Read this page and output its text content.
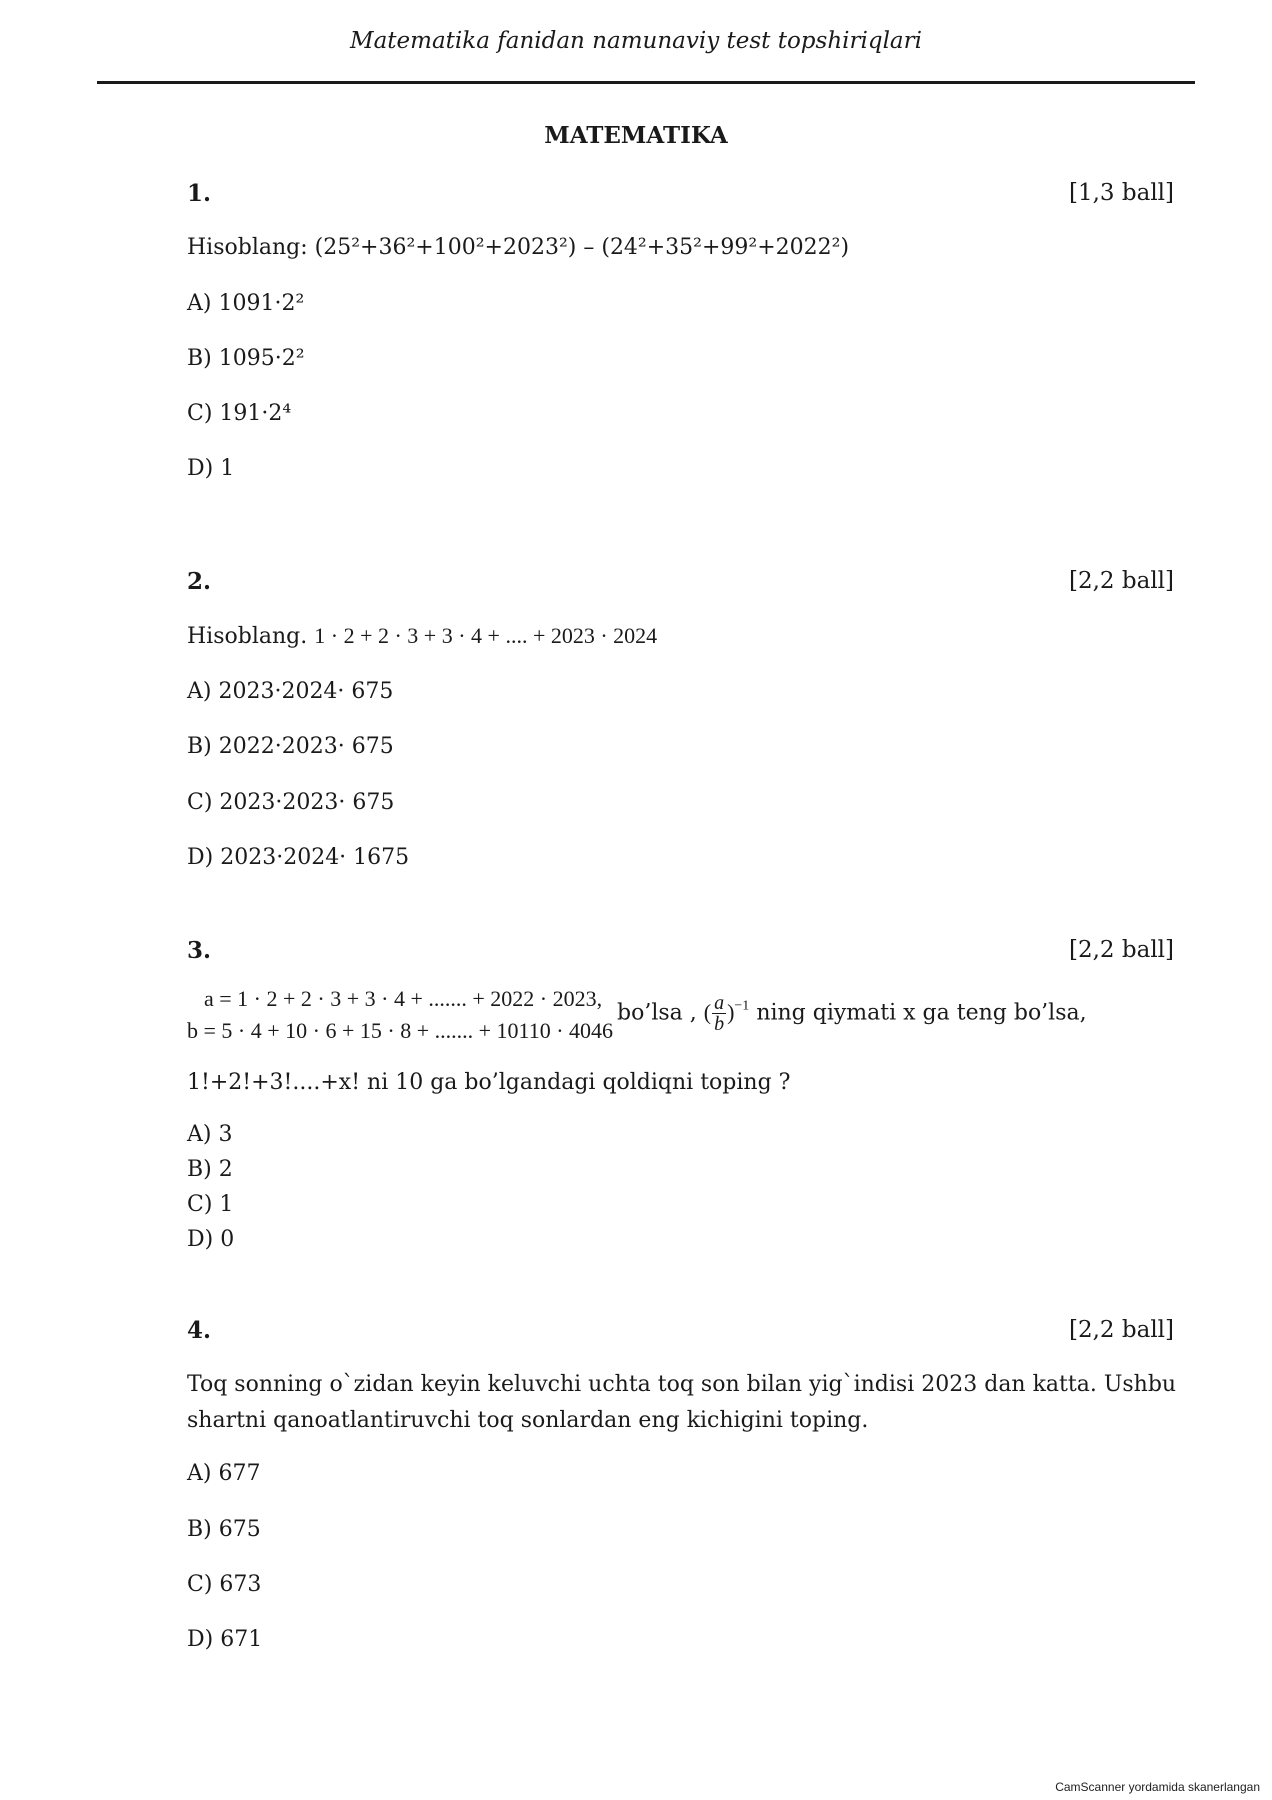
Matematika fanidan namunaviy test topshiriqlari
MATEMATIKA
1.	[1,3 ball]
Hisoblang: (25²+36²+100²+2023²) – (24²+35²+99²+2022²)
A) 1091·2²
B) 1095·2²
C) 191·2⁴
D) 1
2.	[2,2 ball]
Hisoblang. 1 · 2 + 2 · 3 + 3 · 4 + .... + 2023 · 2024
A) 2023·2024· 675
B) 2022·2023· 675
C) 2023·2023· 675
D) 2023·2024· 1675
3.	[2,2 ball]
a = 1 · 2 + 2 · 3 + 3 · 4 + ....... + 2022 · 2023,
b = 5 · 4 + 10 · 6 + 15 · 8 + ....... + 10110 · 4046
bo’lsa , ( $\frac{a}{b} )^{-1}$ ning qiymati x ga teng bo’lsa,
1!+2!+3!....+x! ni 10 ga bo’lgandagi qoldiqni toping ?
A) 3
B) 2
C) 1
D) 0
4.	[2,2 ball]
Toq sonning o`zidan keyin keluvchi uchta toq son bilan yig`indisi 2023 dan katta. Ushbu shartni qanoatlantiruvchi toq sonlardan eng kichigini toping.
A) 677
B) 675
C) 673
D) 671
CamScanner yordamida skanerlangan
